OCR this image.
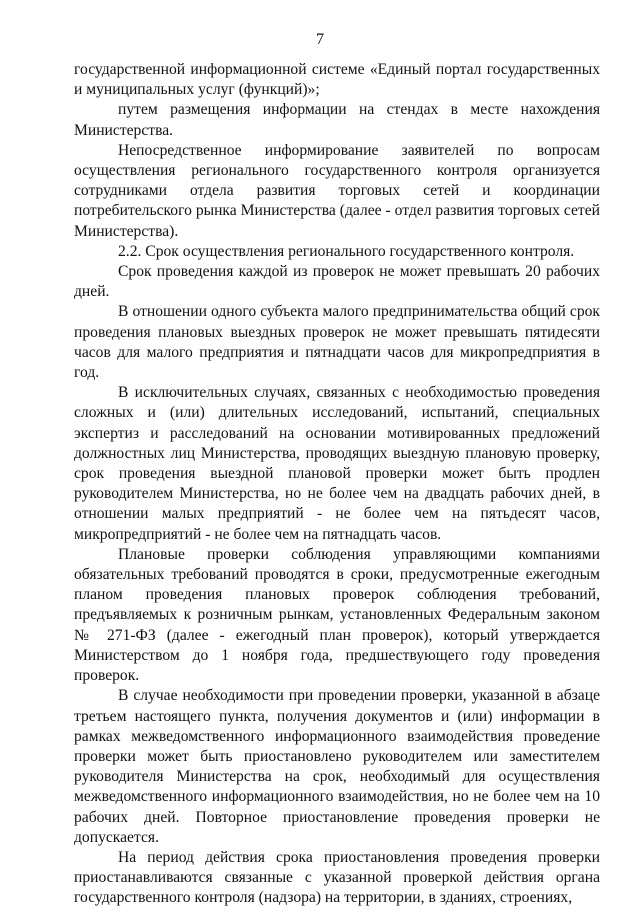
7

государственной информационной системе «Единый портал государственных и муниципальных услуг (функций)»;

путем размещения информации на стендах в месте нахождения Министерства.

Непосредственное информирование заявителей по вопросам осуществления регионального государственного контроля организуется сотрудниками отдела развития торговых сетей и координации потребительского рынка Министерства (далее - отдел развития торговых сетей Министерства).

2.2. Срок осуществления регионального государственного контроля.

Срок проведения каждой из проверок не может превышать 20 рабочих дней.

В отношении одного субъекта малого предпринимательства общий срок проведения плановых выездных проверок не может превышать пятидесяти часов для малого предприятия и пятнадцати часов для микропредприятия в год.

В исключительных случаях, связанных с необходимостью проведения сложных и (или) длительных исследований, испытаний, специальных экспертиз и расследований на основании мотивированных предложений должностных лиц Министерства, проводящих выездную плановую проверку, срок проведения выездной плановой проверки может быть продлен руководителем Министерства, но не более чем на двадцать рабочих дней, в отношении малых предприятий - не более чем на пятьдесят часов, микропредприятий - не более чем на пятнадцать часов.

Плановые проверки соблюдения управляющими компаниями обязательных требований проводятся в сроки, предусмотренные ежегодным планом проведения плановых проверок соблюдения требований, предъявляемых к розничным рынкам, установленных Федеральным законом № 271-ФЗ (далее - ежегодный план проверок), который утверждается Министерством до 1 ноября года, предшествующего году проведения проверок.

В случае необходимости при проведении проверки, указанной в абзаце третьем настоящего пункта, получения документов и (или) информации в рамках межведомственного информационного взаимодействия проведение проверки может быть приостановлено руководителем или заместителем руководителя Министерства на срок, необходимый для осуществления межведомственного информационного взаимодействия, но не более чем на 10 рабочих дней. Повторное приостановление проведения проверки не допускается.

На период действия срока приостановления проведения проверки приостанавливаются связанные с указанной проверкой действия органа государственного контроля (надзора) на территории, в зданиях, строениях,
